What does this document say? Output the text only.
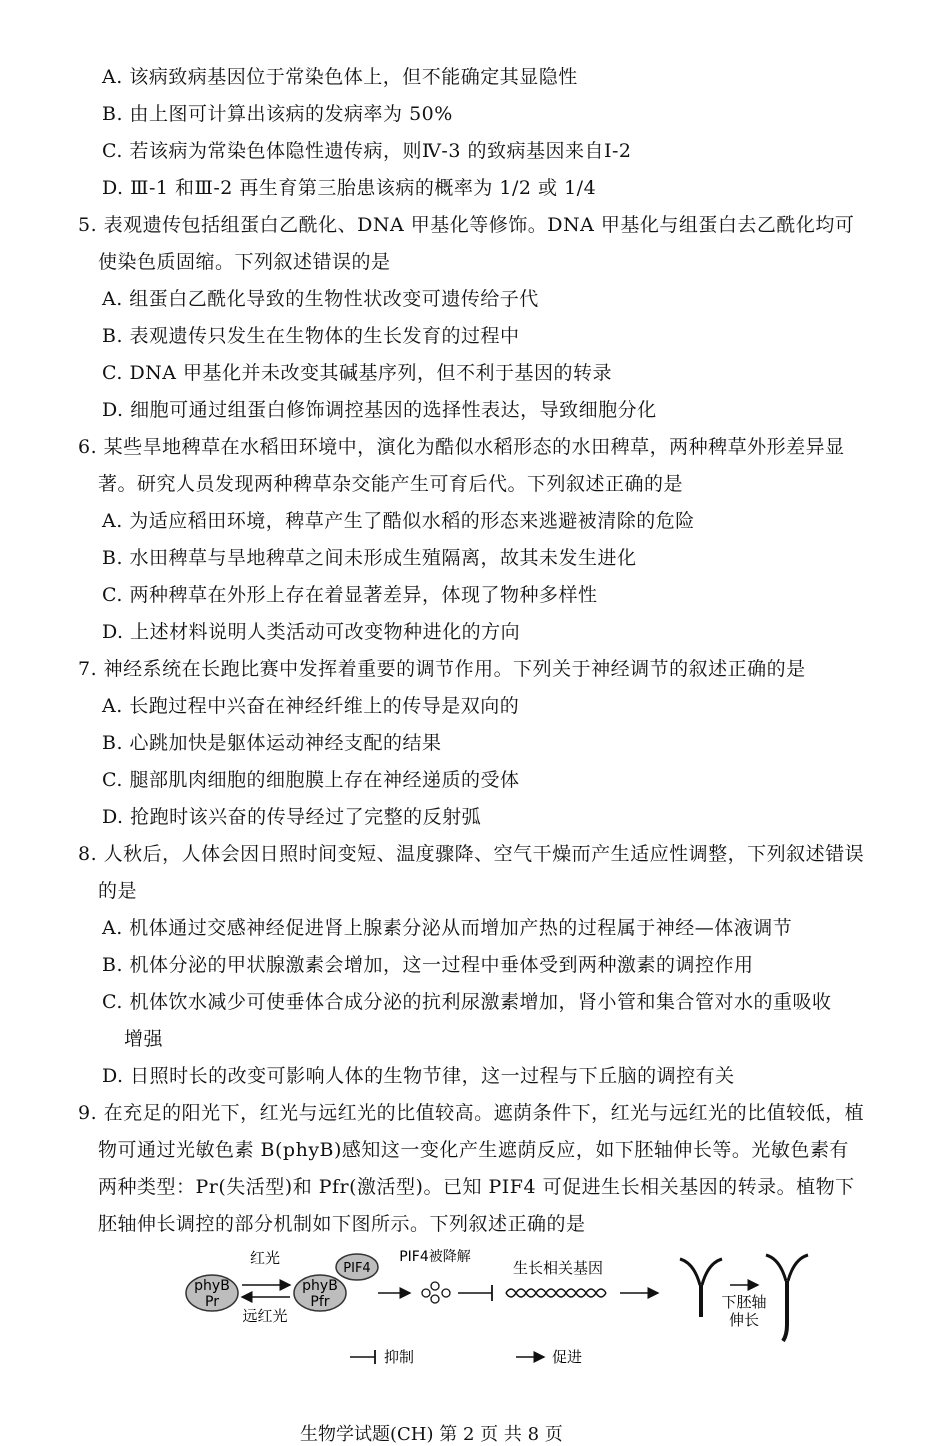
A. 该病致病基因位于常染色体上，但不能确定其显隐性
B. 由上图可计算出该病的发病率为 50%
C. 若该病为常染色体隐性遗传病，则Ⅳ-3 的致病基因来自Ⅰ-2
D. Ⅲ-1 和Ⅲ-2 再生育第三胎患该病的概率为 1/2 或 1/4
5. 表观遗传包括组蛋白乙酰化、DNA 甲基化等修饰。DNA 甲基化与组蛋白去乙酰化均可
使染色质固缩。下列叙述错误的是
A. 组蛋白乙酰化导致的生物性状改变可遗传给子代
B. 表观遗传只发生在生物体的生长发育的过程中
C. DNA 甲基化并未改变其碱基序列，但不利于基因的转录
D. 细胞可通过组蛋白修饰调控基因的选择性表达，导致细胞分化
6. 某些旱地稗草在水稻田环境中，演化为酷似水稻形态的水田稗草，两种稗草外形差异显
著。研究人员发现两种稗草杂交能产生可育后代。下列叙述正确的是
A. 为适应稻田环境，稗草产生了酷似水稻的形态来逃避被清除的危险
B. 水田稗草与旱地稗草之间未形成生殖隔离，故其未发生进化
C. 两种稗草在外形上存在着显著差异，体现了物种多样性
D. 上述材料说明人类活动可改变物种进化的方向
7. 神经系统在长跑比赛中发挥着重要的调节作用。下列关于神经调节的叙述正确的是
A. 长跑过程中兴奋在神经纤维上的传导是双向的
B. 心跳加快是躯体运动神经支配的结果
C. 腿部肌肉细胞的细胞膜上存在神经递质的受体
D. 抢跑时该兴奋的传导经过了完整的反射弧
8. 人秋后，人体会因日照时间变短、温度骤降、空气干燥而产生适应性调整，下列叙述错误
的是
A. 机体通过交感神经促进肾上腺素分泌从而增加产热的过程属于神经—体液调节
B. 机体分泌的甲状腺激素会增加，这一过程中垂体受到两种激素的调控作用
C. 机体饮水减少可使垂体合成分泌的抗利尿激素增加，肾小管和集合管对水的重吸收
增强
D. 日照时长的改变可影响人体的生物节律，这一过程与下丘脑的调控有关
9. 在充足的阳光下，红光与远红光的比值较高。遮荫条件下，红光与远红光的比值较低，植
物可通过光敏色素 B(phyB)感知这一变化产生遮荫反应，如下胚轴伸长等。光敏色素有
两种类型：Pr(失活型)和 Pfr(激活型)。已知 PIF4 可促进生长相关基因的转录。植物下
胚轴伸长调控的部分机制如下图所示。下列叙述正确的是
phyB
Pr
红光
远红光
phyB
Pfr
PIF4
PIF4被降解
生长相关基因
下胚轴
伸长
抑制	促进
生物学试题(CH) 第 2 页 共 8 页
